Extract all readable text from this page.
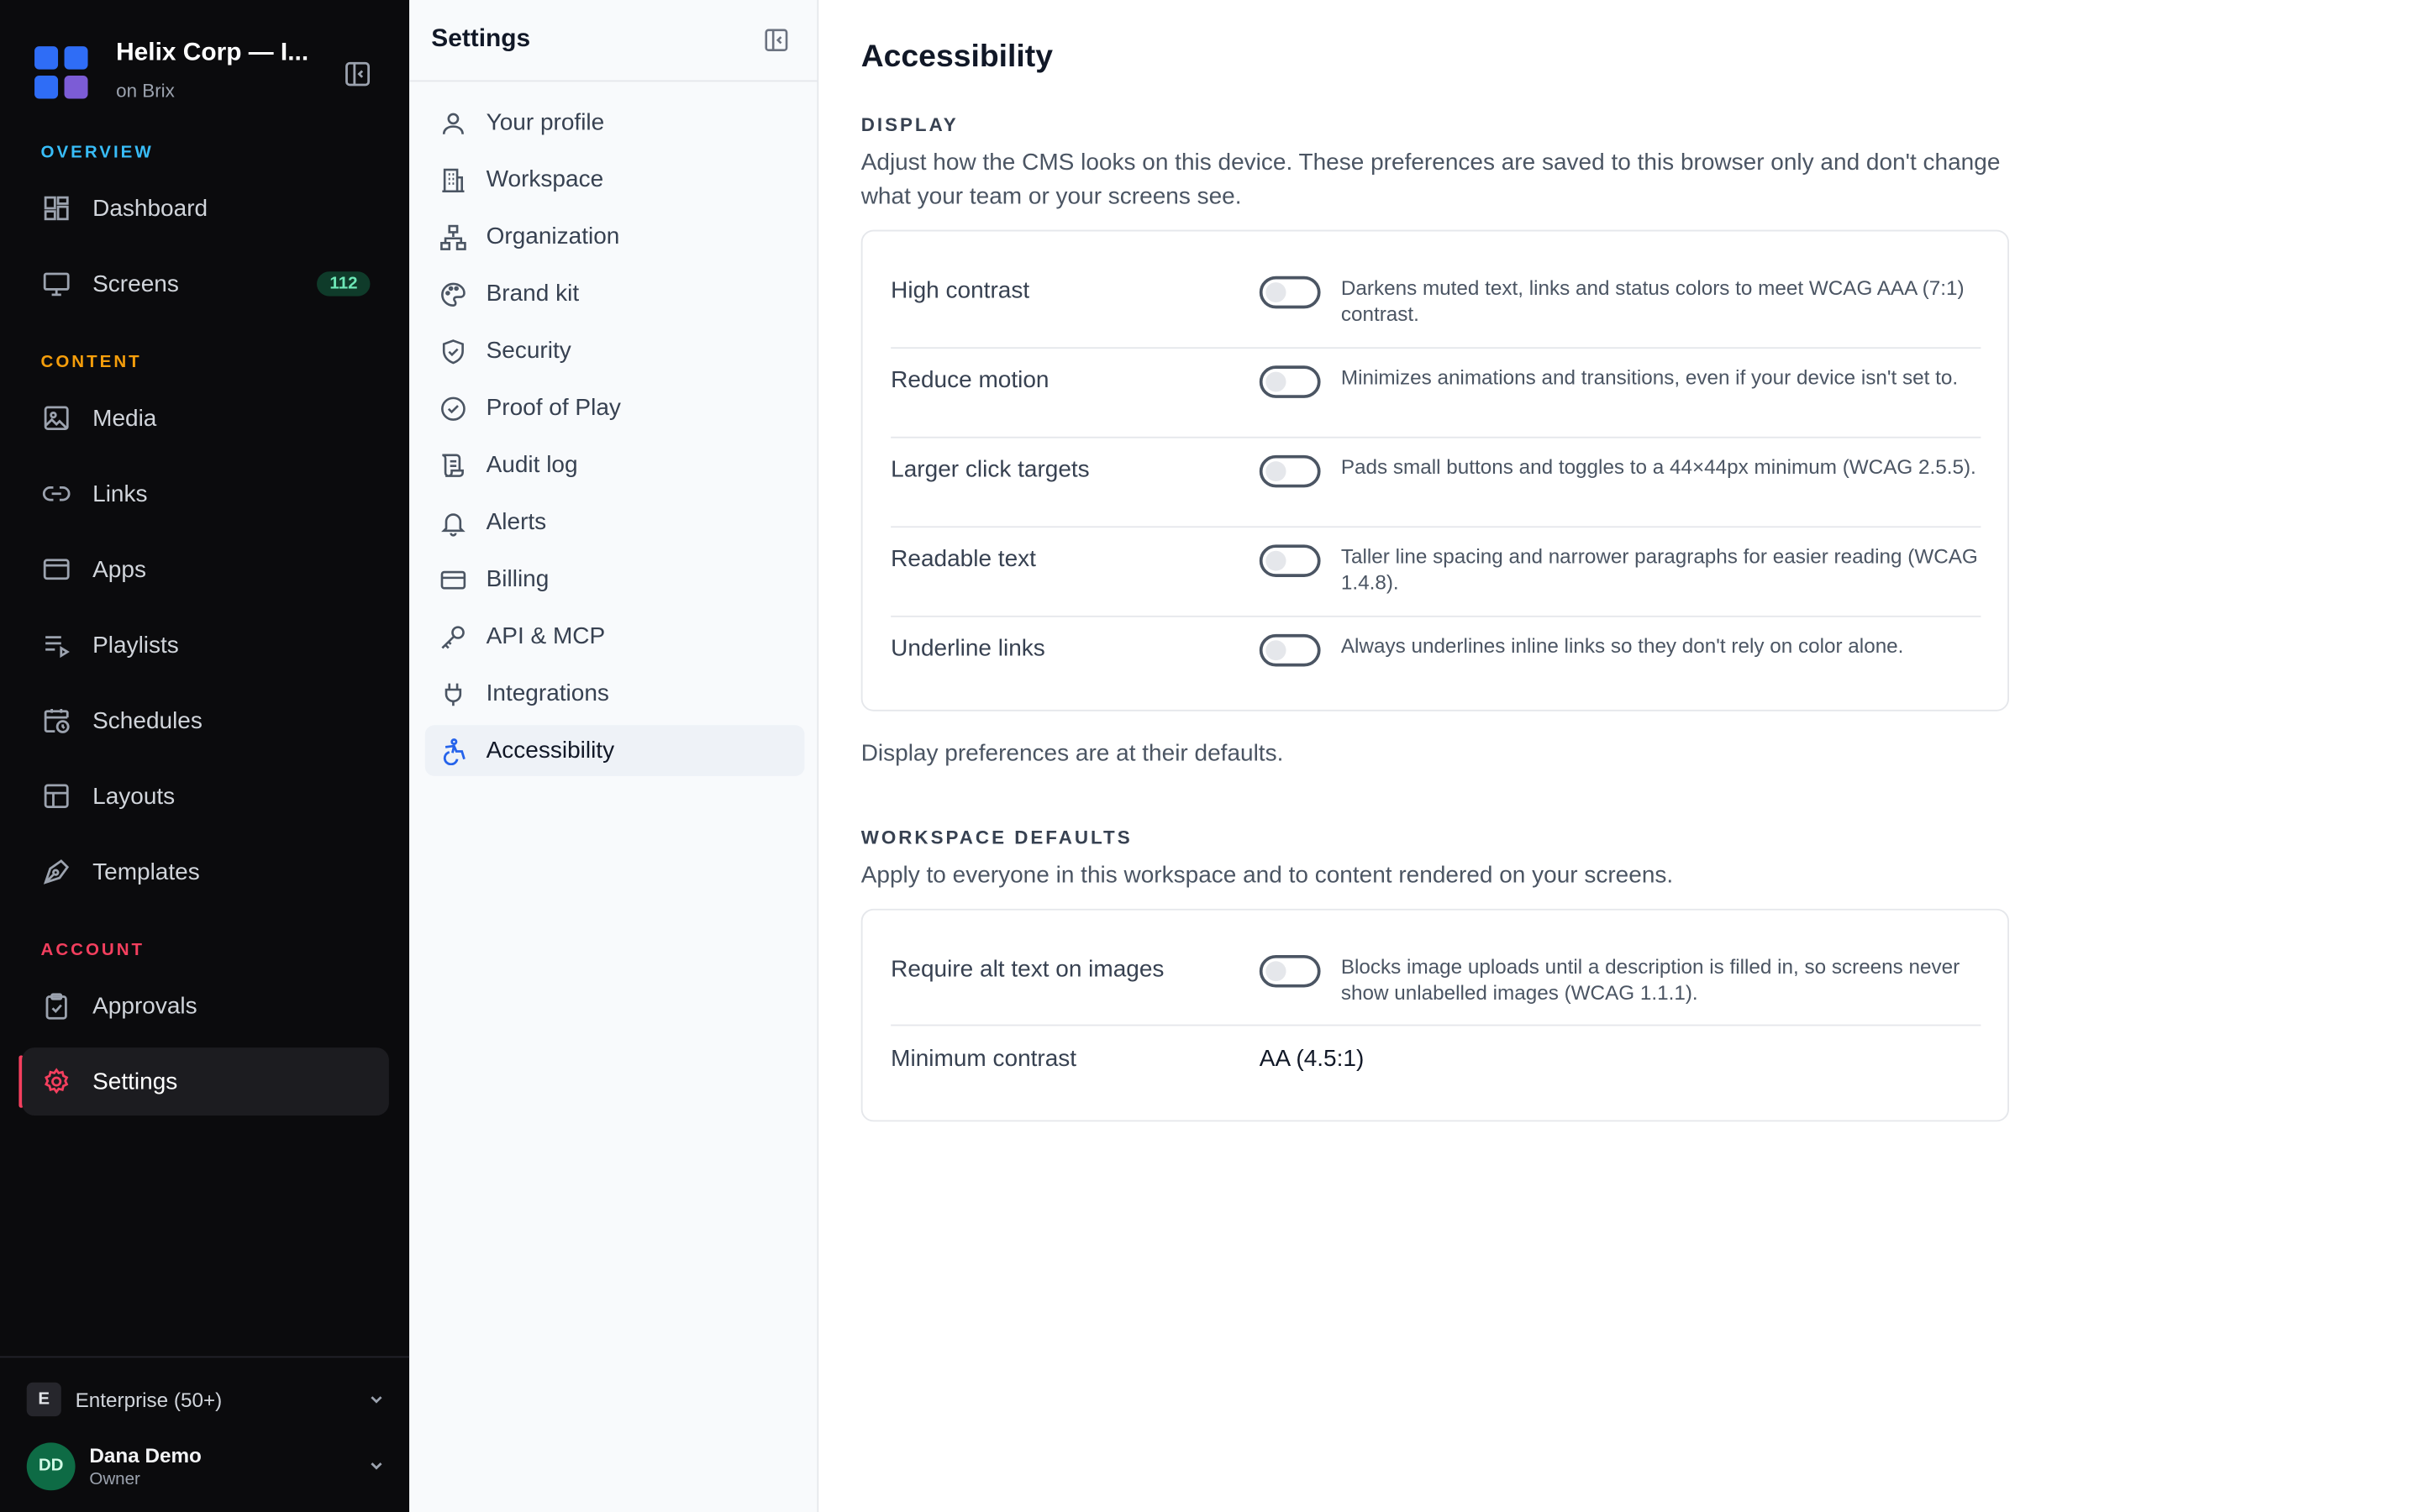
Helix Corp — I...
on Brix
OVERVIEW
Dashboard
Screens	112
CONTENT
Media
Links
Apps
Playlists
Schedules
Layouts
Templates
ACCOUNT
Approvals
Settings
E	Enterprise (50+)
DD	Dana Demo
Owner
Settings
Your profile
Workspace
Organization
Brand kit
Security
Proof of Play
Audit log
Alerts
Billing
API & MCP
Integrations
Accessibility
Accessibility
DISPLAY

Adjust how the CMS looks on this device. These preferences are saved to this browser only and don't change what your team or your screens see.

High contrast	Darkens muted text, links and status colors to meet WCAG AAA (7:1) contrast.
Reduce motion	Minimizes animations and transitions, even if your device isn't set to.
Larger click targets	Pads small buttons and toggles to a 44×44px minimum (WCAG 2.5.5).
Readable text	Taller line spacing and narrower paragraphs for easier reading (WCAG 1.4.8).
Underline links	Always underlines inline links so they don't rely on color alone.
Display preferences are at their defaults.
WORKSPACE DEFAULTS

Apply to everyone in this workspace and to content rendered on your screens.

Require alt text on images	Blocks image uploads until a description is filled in, so screens never show unlabelled images (WCAG 1.1.1).
Minimum contrast	AA (4.5:1)
